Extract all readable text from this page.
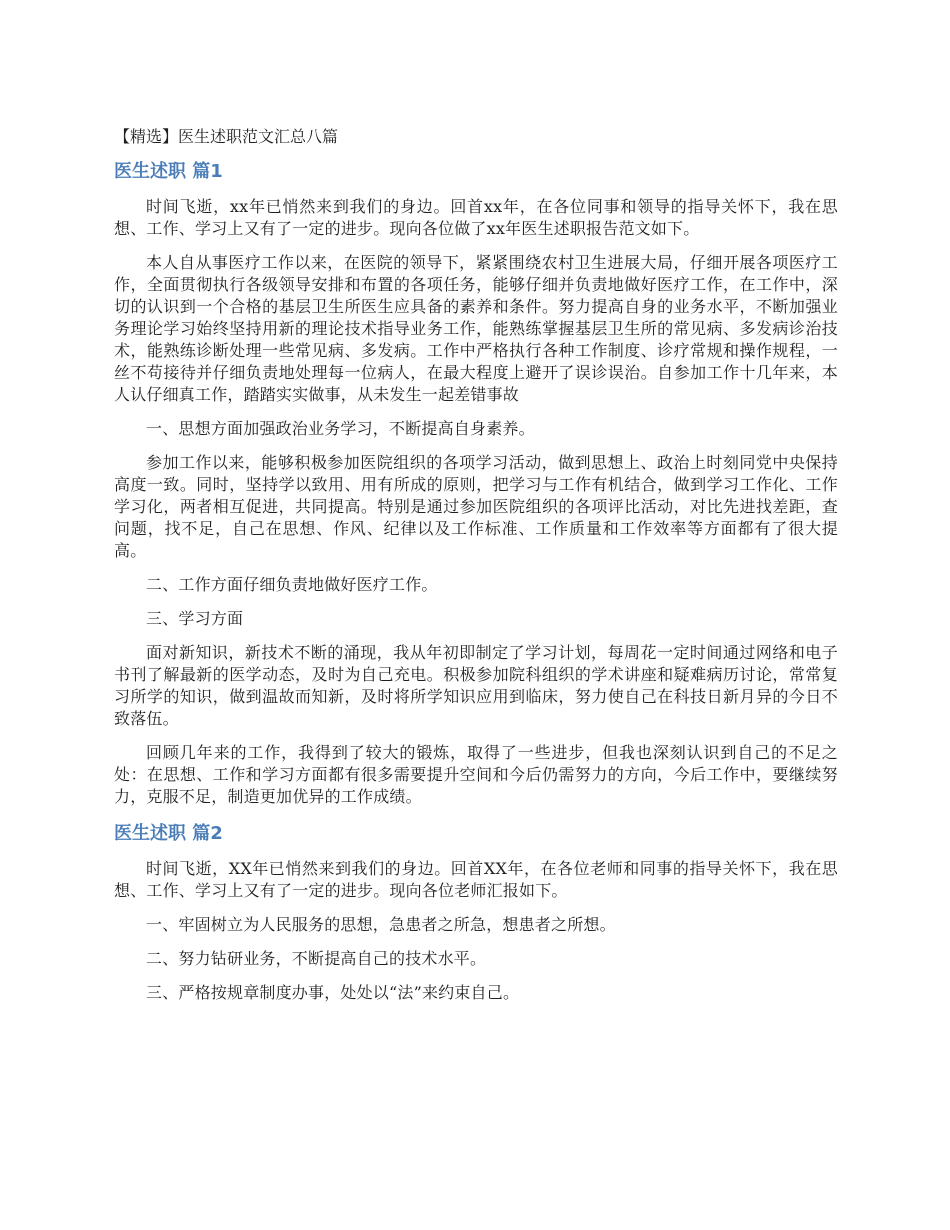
【精选】医生述职范文汇总八篇
医生述职 篇1

时间飞逝，xx年已悄然来到我们的身边。回首xx年，在各位同事和领导的指导关怀下，我在思想、工作、学习上又有了一定的进步。现向各位做了xx年医生述职报告范文如下。

本人自从事医疗工作以来，在医院的领导下，紧紧围绕农村卫生进展大局，仔细开展各项医疗工作，全面贯彻执行各级领导安排和布置的各项任务，能够仔细并负责地做好医疗工作，在工作中，深切的认识到一个合格的基层卫生所医生应具备的素养和条件。努力提高自身的业务水平，不断加强业务理论学习始终坚持用新的理论技术指导业务工作，能熟练掌握基层卫生所的常见病、多发病诊治技术，能熟练诊断处理一些常见病、多发病。工作中严格执行各种工作制度、诊疗常规和操作规程，一丝不苟接待并仔细负责地处理每一位病人，在最大程度上避开了误诊误治。自参加工作十几年来，本人认仔细真工作，踏踏实实做事，从未发生一起差错事故

一、思想方面加强政治业务学习，不断提高自身素养。

参加工作以来，能够积极参加医院组织的各项学习活动，做到思想上、政治上时刻同党中央保持高度一致。同时，坚持学以致用、用有所成的原则，把学习与工作有机结合，做到学习工作化、工作学习化，两者相互促进，共同提高。特别是通过参加医院组织的各项评比活动，对比先进找差距，查问题，找不足，自己在思想、作风、纪律以及工作标准、工作质量和工作效率等方面都有了很大提高。

二、工作方面仔细负责地做好医疗工作。

三、学习方面

面对新知识，新技术不断的涌现，我从年初即制定了学习计划，每周花一定时间通过网络和电子书刊了解最新的医学动态，及时为自己充电。积极参加院科组织的学术讲座和疑难病历讨论，常常复习所学的知识，做到温故而知新，及时将所学知识应用到临床，努力使自己在科技日新月异的今日不致落伍。

回顾几年来的工作，我得到了较大的锻炼，取得了一些进步，但我也深刻认识到自己的不足之处：在思想、工作和学习方面都有很多需要提升空间和今后仍需努力的方向，今后工作中，要继续努力，克服不足，制造更加优异的工作成绩。

医生述职 篇2

时间飞逝，XX年已悄然来到我们的身边。回首XX年，在各位老师和同事的指导关怀下，我在思想、工作、学习上又有了一定的进步。现向各位老师汇报如下。

一、牢固树立为人民服务的思想，急患者之所急，想患者之所想。

二、努力钻研业务，不断提高自己的技术水平。

三、严格按规章制度办事，处处以“法”来约束自己。
